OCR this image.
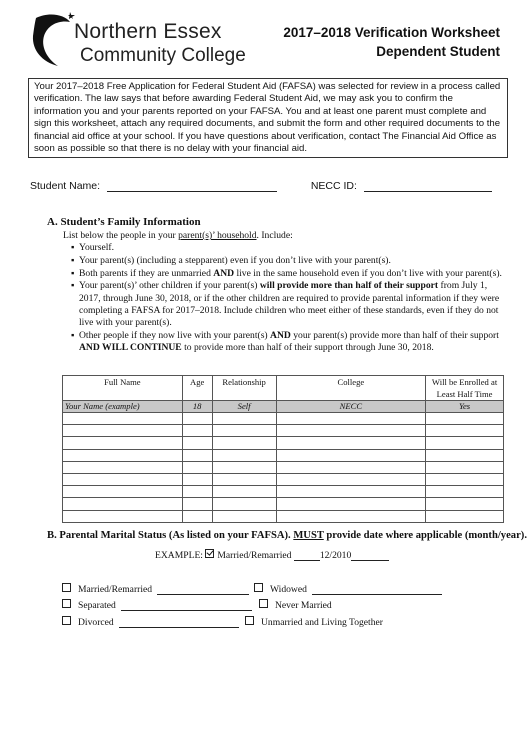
Northern Essex
Community College
2017–2018 Verification Worksheet
Dependent Student
Your 2017–2018 Free Application for Federal Student Aid (FAFSA) was selected for review in a process called verification. The law says that before awarding Federal Student Aid, we may ask you to confirm the information you and your parents reported on your FAFSA. You and at least one parent must complete and sign this worksheet, attach any required documents, and submit the form and other required documents to the financial aid office at your school. If you have questions about verification, contact The Financial Aid Office as soon as possible so that there is no delay with your financial aid.
Student Name:	NECC ID:
A. Student’s Family Information
List below the people in your parent(s)’ household. Include:
▪ Yourself.
▪ Your parent(s) (including a stepparent) even if you don’t live with your parent(s).
▪ Both parents if they are unmarried AND live in the same household even if you don’t live with your parent(s).
▪ Your parent(s)’ other children if your parent(s) will provide more than half of their support from July 1, 2017, through June 30, 2018, or if the other children are required to provide parental information if they were completing a FAFSA for 2017–2018. Include children who meet either of these standards, even if they do not live with your parent(s).
▪ Other people if they now live with your parent(s) AND your parent(s) provide more than half of their support AND WILL CONTINUE to provide more than half of their support through June 30, 2018.
Full Name	Age	Relationship	College	Will be Enrolled at Least Half Time
Your Name (example)	18	Self	NECC	Yes

B. Parental Marital Status (As listed on your FAFSA). MUST provide date where applicable (month/year).
EXAMPLE: Married/Remarried	12/2010
Married/Remarried	Widowed
Separated	Never Married
Divorced	Unmarried and Living Together
